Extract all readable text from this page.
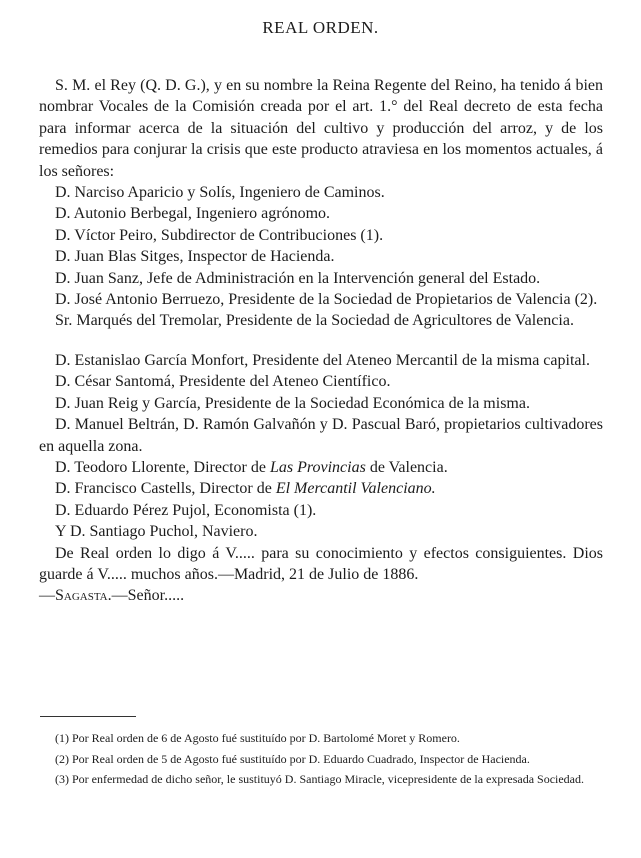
REAL ORDEN.

S. M. el Rey (Q. D. G.), y en su nombre la Reina Regente del Reino, ha tenido á bien nombrar Vocales de la Comisión creada por el art. 1.° del Real decreto de esta fecha para informar acerca de la situación del cultivo y producción del arroz, y de los remedios para conjurar la crisis que este producto atraviesa en los momentos actuales, á los señores:

D. Narciso Aparicio y Solís, Ingeniero de Caminos.

D. Autonio Berbegal, Ingeniero agrónomo.

D. Víctor Peiro, Subdirector de Contribuciones (1).

D. Juan Blas Sitges, Inspector de Hacienda.

D. Juan Sanz, Jefe de Administración en la Intervención general del Estado.

D. José Antonio Berruezo, Presidente de la Sociedad de Propietarios de Valencia (2).

Sr. Marqués del Tremolar, Presidente de la Sociedad de Agricultores de Valencia.

D. Estanislao García Monfort, Presidente del Ateneo Mercantil de la misma capital.

D. César Santomá, Presidente del Ateneo Científico.

D. Juan Reig y García, Presidente de la Sociedad Económica de la misma.

D. Manuel Beltrán, D. Ramón Galvañón y D. Pascual Baró, propietarios cultivadores en aquella zona.

D. Teodoro Llorente, Director de Las Provincias de Valencia.

D. Francisco Castells, Director de El Mercantil Valenciano.

D. Eduardo Pérez Pujol, Economista (1).

Y D. Santiago Puchol, Naviero.

De Real orden lo digo á V..... para su conocimiento y efectos consiguientes. Dios guarde á V..... muchos años.—Madrid, 21 de Julio de 1886.

—Sagasta.—Señor.....

(1) Por Real orden de 6 de Agosto fué sustituído por D. Bartolomé Moret y Romero.

(2) Por Real orden de 5 de Agosto fué sustituído por D. Eduardo Cuadrado, Inspector de Hacienda.

(3) Por enfermedad de dicho señor, le sustituyó D. Santiago Miracle, vicepresidente de la expresada Sociedad.
